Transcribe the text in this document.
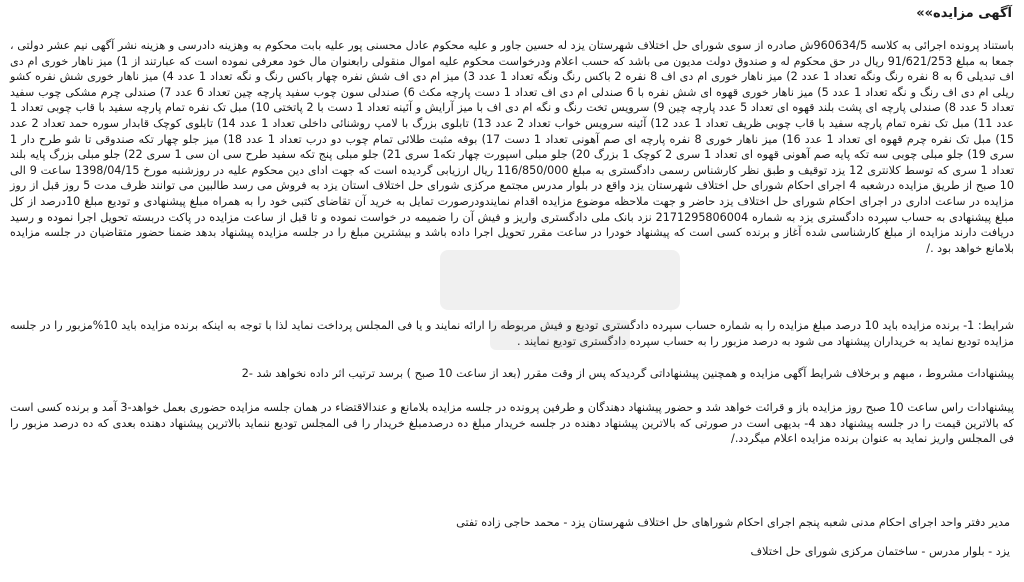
آگهی مزایده»»
باستناد پرونده اجرائی به کلاسه 960634/5ش صادره از سوی شورای حل اختلاف شهرستان یزد له حسین جاور و علیه محکوم عادل محسنی پور علیه بابت محکوم به وهزینه دادرسی و هزینه نشر آگهی نیم عشر دولتی ، جمعا به مبلغ 91/621/253 ریال در حق محکوم له و صندوق دولت مدیون می باشد که حسب اعلام ودرخواست محکوم علیه اموال منقولی رابعنوان مال خود معرفی نموده است که عبارتند از 1) میز ناهار خوری ام دی اف تبدیلی 6 به 8 نفره رنگ ونگه تعداد 1 عدد 2) میز ناهار خوری ام دی اف 8 نفره 2 باکس رنگ ونگه تعداد 1 عدد 3) میز ام دی اف شش نفره چهار باکس رنگ و نگه تعداد 1 عدد 4) میز ناهار خوری شش نفره کشو ریلی ام دی اف رنگ و نگه تعداد 1 عدد 5) میز ناهار خوری قهوه ای شش نفره با 6 صندلی ام دی اف تعداد 1 دست پارچه مکث 6) صندلی سون چوب سفید پارچه چین تعداد 6 عدد 7) صندلی چرم مشکی چوب سفید تعداد 5 عدد 8) صندلی پارچه ای پشت بلند قهوه ای تعداد 5 عدد پارچه چین 9) سرویس تخت رنگ و نگه ام دی اف با میز آرایش و آئینه تعداد 1 دست با 2 پاتختی 10) مبل تک نفره تمام پارچه سفید با قاب چوبی تعداد 1 عدد 11) مبل تک نفره تمام پارچه سفید با قاب چوبی ظریف تعداد 1 عدد 12) آئینه سرویس خواب تعداد 2 عدد 13) تابلوی بزرگ با لامپ روشنائی داخلی تعداد 1 عدد 14) تابلوی کوچک قابدار سوره حمد تعداد 2 عدد 15) مبل تک نفره چرم قهوه ای تعداد 1 عدد 16) میز ناهار خوری 8 نفره پارچه ای صم آهونی تعداد 1 دست 17) بوفه مثبت طلائی تمام چوب دو درب تعداد 1 عدد 18) میز جلو چهار تکه صندوقی تا شو طرح دار 1 سری 19) جلو مبلی چوبی سه تکه پایه صم آهونی قهوه ای تعداد 1 سری 2 کوچک 1 بزرگ 20) جلو مبلی اسپورت چهار تکه1 سری 21) جلو مبلی پنج تکه سفید طرح سی ان سی 1 سری 22) جلو مبلی بزرگ پایه بلند تعداد 1 سری که توسط کلانتری 12 یزد توقیف و طبق نظر کارشناس رسمی دادگستری به مبلغ 116/850/000 ریال ارزیابی گردیده است که جهت ادای دین محکوم علیه در روزشنبه مورخ 1398/04/15 ساعت 9 الی 10 صبح از طریق مزایده درشعبه 4 اجرای احکام شورای حل اختلاف شهرستان یزد واقع در بلوار مدرس مجتمع مرکزی شورای حل اختلاف استان یزد به فروش می رسد طالبین می توانند ظرف مدت 5 روز قبل از روز مزایده در ساعت اداری در اجرای احکام شورای حل اختلاف یزد حاضر و جهت ملاحظه موضوع مزایده اقدام نمایندودرصورت تمایل به خرید آن تقاضای کتبی خود را به همراه مبلغ پیشنهادی و تودیع مبلغ 10درصد از کل مبلغ پیشنهادی به حساب سپرده دادگستری یزد به شماره 2171295806004 نزد بانک ملی دادگستری واریز و فیش آن را ضمیمه در خواست نموده و تا قبل از ساعت مزایده در پاکت دربسته تحویل اجرا نموده و رسید دریافت دارند مزایده از مبلغ کارشناسی شده آغاز و برنده کسی است که پیشنهاد خودرا در ساعت مقرر تحویل اجرا داده باشد و بیشترین مبلغ را در جلسه مزایده پیشنهاد بدهد ضمنا حضور متقاضیان در جلسه مزایده بلامانع خواهد بود ./
شرایط: 1- برنده مزایده باید 10 درصد مبلغ مزایده را به شماره حساب سپرده دادگستری تودیع و فیش مربوطه را ارائه نمایند و یا فی المجلس پرداخت نماید لذا با توجه به اینکه برنده مزایده باید 10%مزبور را در جلسه مزایده تودیع نماید به خریداران پیشنهاد می شود به درصد مزبور را به حساب سپرده دادگستری تودیع نمایند .
پیشنهادات مشروط ، مبهم و برخلاف شرایط آگهی مزایده و همچنین پیشنهاداتی گردیدکه پس از وقت مقرر (بعد از ساعت 10 صبح ) برسد ترتیب اثر داده نخواهد شد -2
پیشنهادات راس ساعت 10 صبح روز مزایده باز و قرائت خواهد شد و حضور پیشنهاد دهندگان و طرفین پرونده در جلسه مزایده بلامانع و عندالاقتضاء در همان جلسه مزایده حضوری بعمل خواهد-3 آمد و برنده کسی است که بالاترین قیمت را در جلسه پیشنهاد دهد 4- بدیهی است در صورتی که بالاترین پیشنهاد دهنده در جلسه خریدار مبلغ ده درصدمبلغ خریدار را فی المجلس تودیع ننماید بالاترین پیشنهاد دهنده بعدی که ده درصد مزبور را فی المجلس واریز نماید به عنوان برنده مزایده اعلام میگردد./
مدیر دفتر واحد اجرای احکام مدنی شعبه پنجم اجرای احکام شوراهای حل اختلاف شهرستان یزد - محمد حاجی زاده تفتی
یزد - بلوار مدرس - ساختمان مرکزی شورای حل اختلاف
